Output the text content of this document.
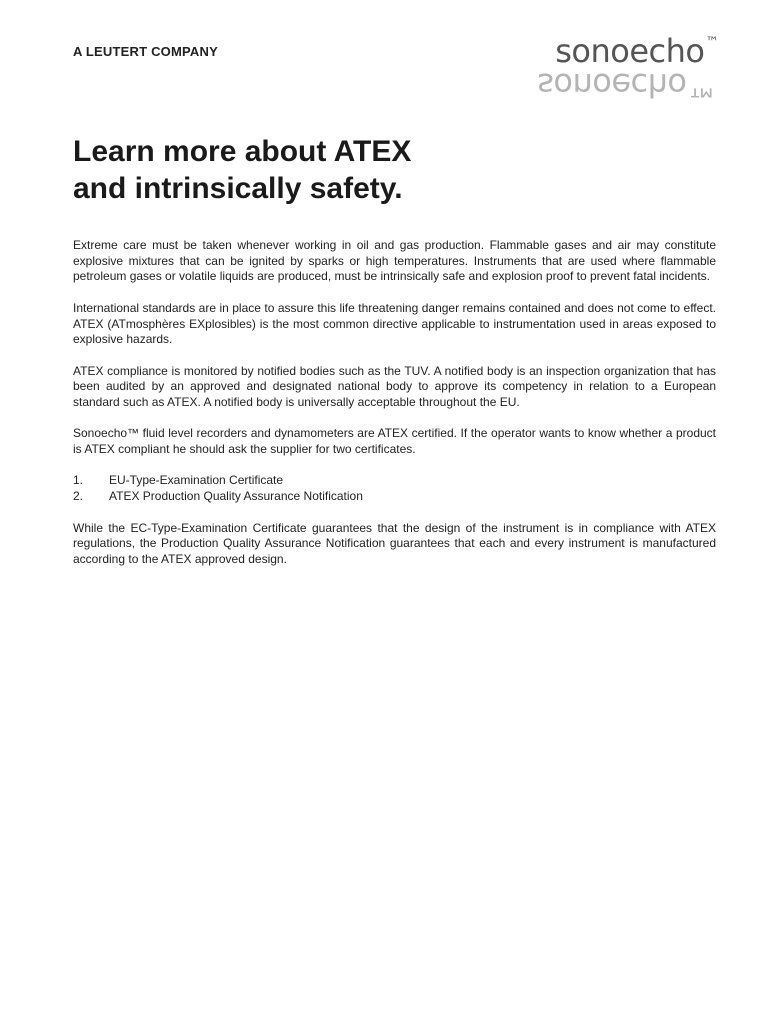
A LEUTERT COMPANY	sonoecho™
sonoecho™
Learn more about ATEX
and intrinsically safety.

Extreme care must be taken whenever working in oil and gas production. Flammable gases and air may constitute explosive mixtures that can be ignited by sparks or high temperatures. Instruments that are used where flammable petroleum gases or volatile liquids are produced, must be intrinsically safe and explosion proof to prevent fatal incidents.

International standards are in place to assure this life threatening danger remains contained and does not come to effect. ATEX (ATmosphères EXplosibles) is the most common directive applicable to instrumentation used in areas exposed to explosive hazards.

ATEX compliance is monitored by notified bodies such as the TUV. A notified body is an inspection organization that has been audited by an approved and designated national body to approve its competency in relation to a European standard such as ATEX. A notified body is universally acceptable throughout the EU.

Sonoecho™ fluid level recorders and dynamometers are ATEX certified. If the operator wants to know whether a product is ATEX compliant he should ask the supplier for two certificates.

1.	EU-Type-Examination Certificate
2.	ATEX Production Quality Assurance Notification

While the EC-Type-Examination Certificate guarantees that the design of the instrument is in compliance with ATEX regulations, the Production Quality Assurance Notification guarantees that each and every instrument is manufactured according to the ATEX approved design.
